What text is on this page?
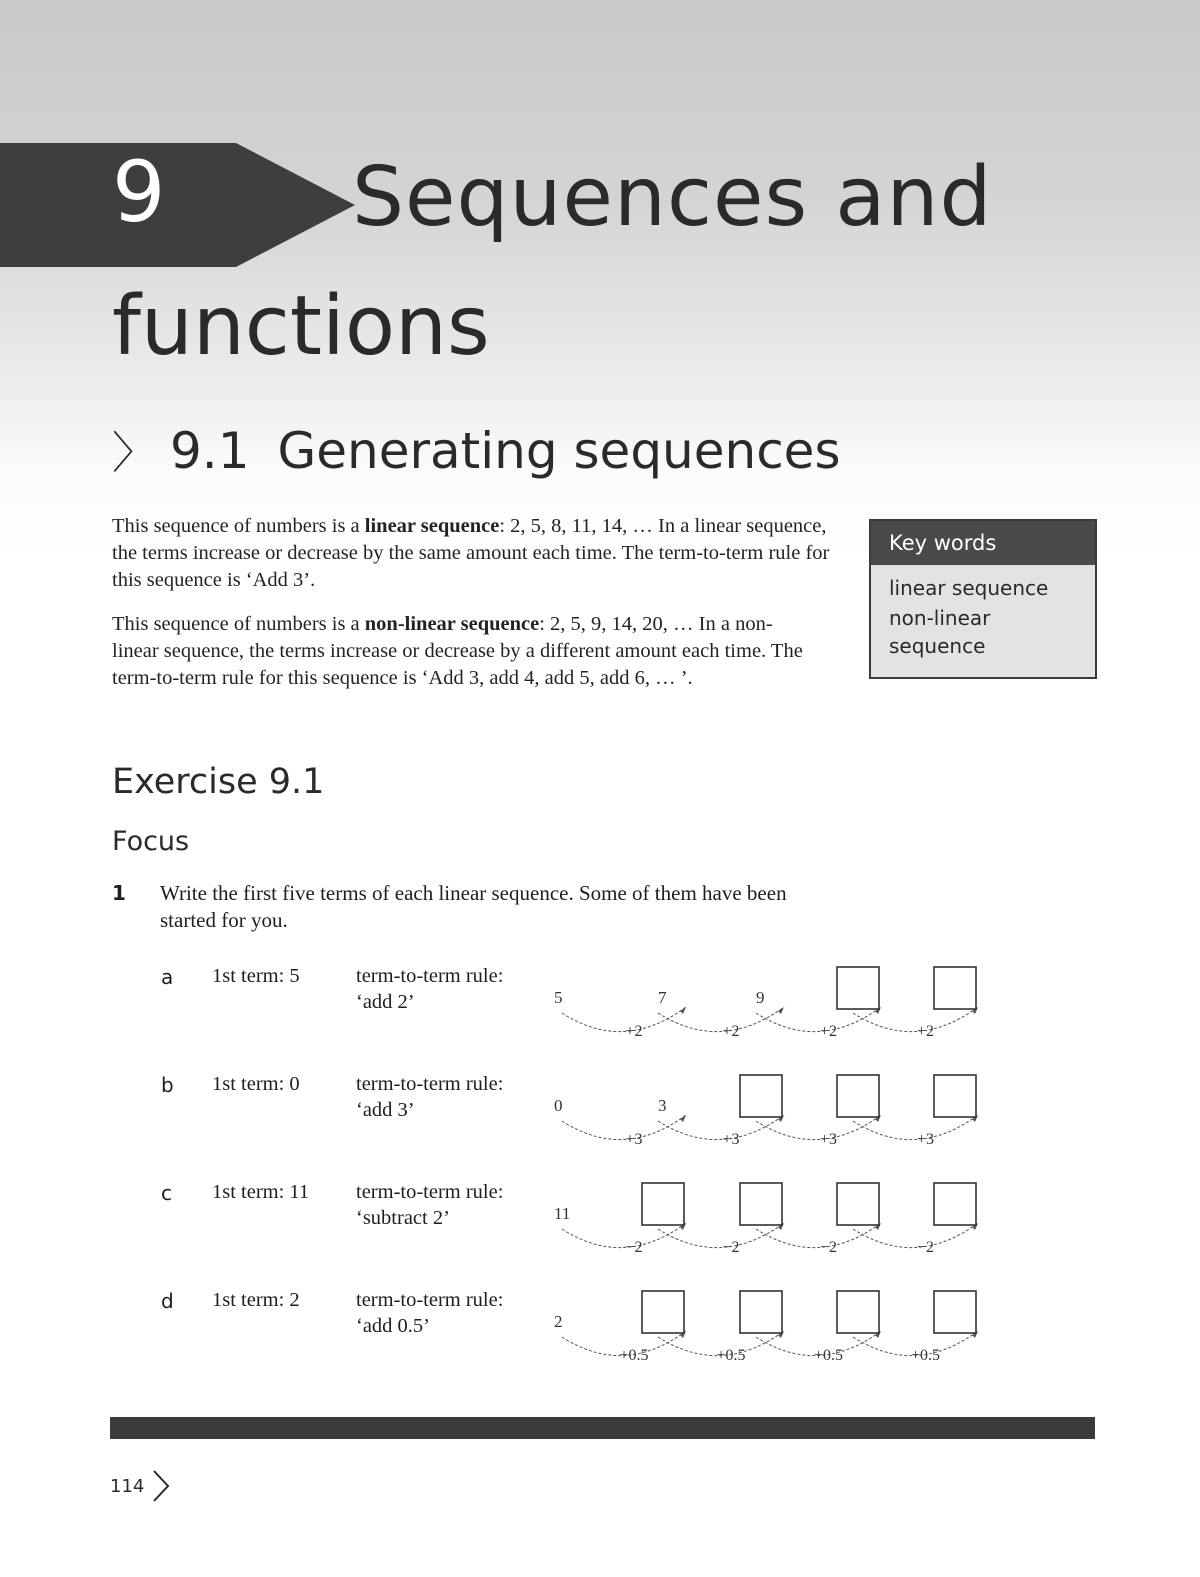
9 Sequences and
functions
〉 9.1 Generating sequences
This sequence of numbers is a linear sequence: 2, 5, 8, 11, 14, … In a linear sequence, the terms increase or decrease by the same amount each time. The term-to-term rule for this sequence is ‘Add 3’.
This sequence of numbers is a non-linear sequence: 2, 5, 9, 14, 20, … In a non-linear sequence, the terms increase or decrease by a different amount each time. The term-to-term rule for this sequence is ‘Add 3, add 4, add 5, add 6, … ’.
Key words
linear sequence
non-linear
sequence
Exercise 9.1
Focus
1 Write the first five terms of each linear sequence. Some of them have been started for you.
a 1st term: 5	term-to-term rule:
‘add 2’
+2	+2	+2	+2
5	7	9
b 1st term: 0	term-to-term rule:
‘add 3’
+3	+3	+3	+3
0	3
c 1st term: 11 term-to-term rule:
‘subtract 2’
−2	−2	−2	−2
11
d 1st term: 2	term-to-term rule:
‘add 0.5’
+0.5	+0.5	+0.5	+0.5
2
114
